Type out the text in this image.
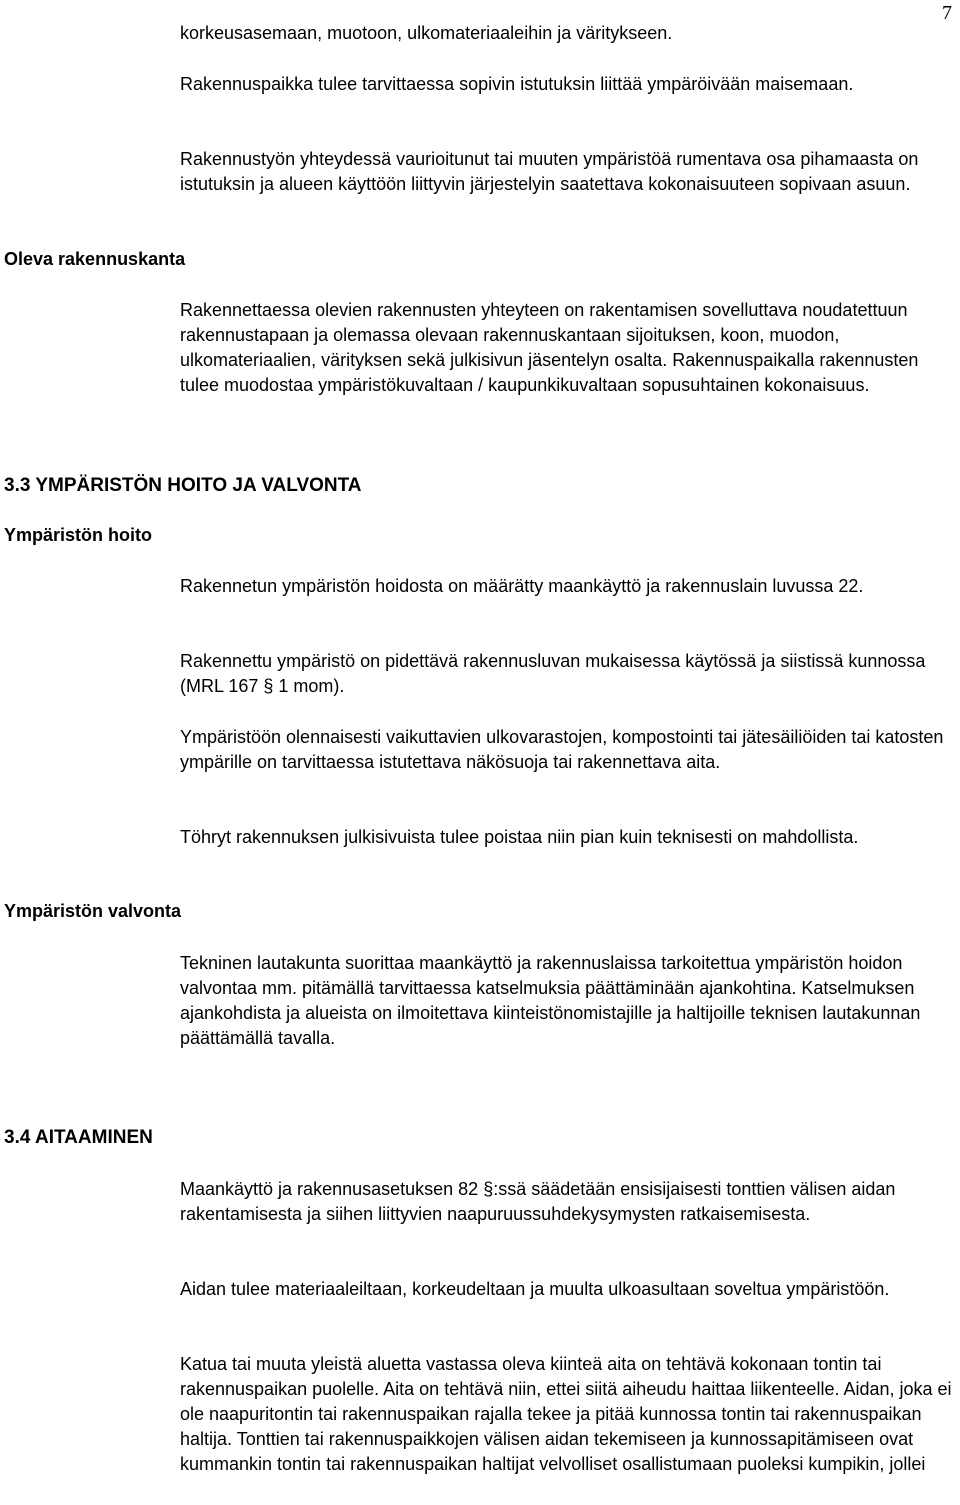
7

korkeusasemaan, muotoon, ulkomateriaaleihin ja väritykseen.

Rakennuspaikka tulee tarvittaessa sopivin istutuksin liittää ympäröivään maisemaan.

Rakennustyön yhteydessä vaurioitunut tai muuten ympäristöä rumentava osa pihamaasta on istutuksin ja alueen käyttöön liittyvin järjestelyin saatettava kokonaisuuteen sopivaan asuun.

Oleva rakennuskanta

Rakennettaessa olevien rakennusten yhteyteen on rakentamisen sovelluttava noudatettuun rakennustapaan ja olemassa olevaan rakennuskantaan sijoituksen, koon, muodon, ulkomateriaalien, värityksen sekä julkisivun jäsentelyn osalta. Rakennuspaikalla rakennusten tulee muodostaa ympäristökuvaltaan / kaupunkikuvaltaan sopusuhtainen kokonaisuus.

3.3 YMPÄRISTÖN HOITO JA VALVONTA
Ympäristön hoito

Rakennetun ympäristön hoidosta on määrätty maankäyttö ja rakennuslain luvussa 22.

Rakennettu ympäristö on pidettävä rakennusluvan mukaisessa käytössä ja siistissä kunnossa (MRL 167 § 1 mom).

Ympäristöön olennaisesti vaikuttavien ulkovarastojen, kompostointi tai jätesäiliöiden tai katosten ympärille on tarvittaessa istutettava näkösuoja tai rakennettava aita.

Töhryt rakennuksen julkisivuista tulee poistaa niin pian kuin teknisesti on mahdollista.

Ympäristön valvonta

Tekninen lautakunta suorittaa maankäyttö ja rakennuslaissa tarkoitettua ympäristön hoidon valvontaa mm. pitämällä tarvittaessa katselmuksia päättäminään ajankohtina. Katselmuksen ajankohdista ja alueista on ilmoitettava kiinteistönomistajille ja haltijoille teknisen lautakunnan päättämällä tavalla.

3.4 AITAAMINEN

Maankäyttö ja rakennusasetuksen 82 §:ssä säädetään ensisijaisesti tonttien välisen aidan rakentamisesta ja siihen liittyvien naapuruussuhdekysymysten ratkaisemisesta.

Aidan tulee materiaaleiltaan, korkeudeltaan ja muulta ulkoasultaan soveltua ympäristöön.

Katua tai muuta yleistä aluetta vastassa oleva kiinteä aita on tehtävä kokonaan tontin tai rakennuspaikan puolelle. Aita on tehtävä niin, ettei siitä aiheudu haittaa liikenteelle. Aidan, joka ei ole naapuritontin tai rakennuspaikan rajalla tekee ja pitää kunnossa tontin tai rakennuspaikan haltija. Tonttien tai rakennuspaikkojen välisen aidan tekemiseen ja kunnossapitämiseen ovat kummankin tontin tai rakennuspaikan haltijat velvolliset osallistumaan puoleksi kumpikin, jollei
